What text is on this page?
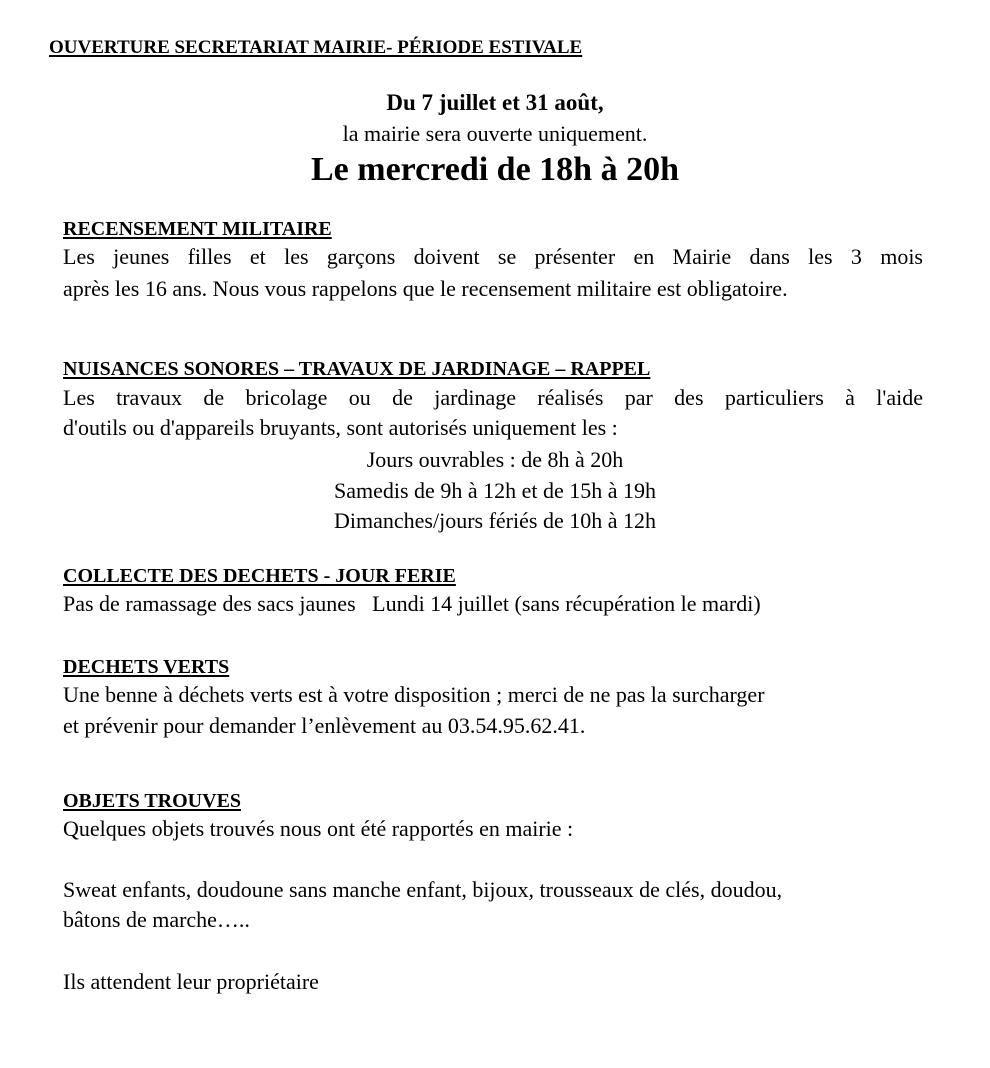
OUVERTURE SECRETARIAT MAIRIE- PÉRIODE ESTIVALE
Du 7 juillet et 31 août,
la mairie sera ouverte uniquement.
Le mercredi de 18h à 20h
RECENSEMENT MILITAIRE
Les jeunes filles et les garçons doivent se présenter en Mairie dans les 3 mois
après les 16 ans. Nous vous rappelons que le recensement militaire est obligatoire.
NUISANCES SONORES – TRAVAUX DE JARDINAGE – RAPPEL
Les travaux de bricolage ou de jardinage réalisés par des particuliers à l'aide
d'outils ou d'appareils bruyants, sont autorisés uniquement les :
Jours ouvrables : de 8h à 20h
Samedis de 9h à 12h et de 15h à 19h
Dimanches/jours fériés de 10h à 12h
COLLECTE DES DECHETS - JOUR FERIE
Pas de ramassage des sacs jaunes   Lundi 14 juillet (sans récupération le mardi)
DECHETS VERTS
Une benne à déchets verts est à votre disposition ; merci de ne pas la surcharger
et prévenir pour demander l’enlèvement au 03.54.95.62.41.
OBJETS TROUVES
Quelques objets trouvés nous ont été rapportés en mairie :
Sweat enfants, doudoune sans manche enfant, bijoux, trousseaux de clés, doudou,
bâtons de marche…..
Ils attendent leur propriétaire
